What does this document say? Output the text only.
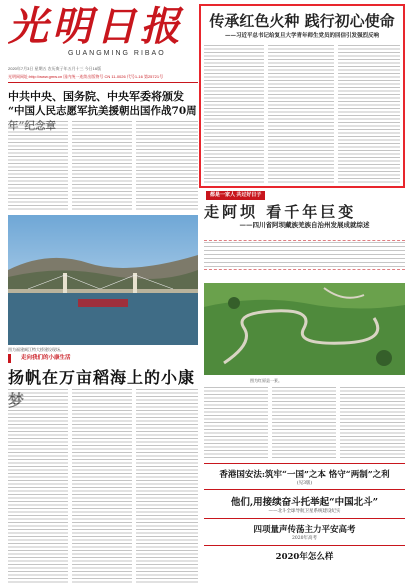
光明日报
GUANGMING RIBAO
2020年7月3日 星期五 农历庚子年五月十三 今日16版
光明网网址:http://www.gmw.cn 国内统一连续出版物号 CN 11-0026 代号1-16 第25721号
传承红色火种 践行初心使命
——习近平总书记给复旦大学青年师生党员的回信引发强烈反响
中共中央、国务院、中央军委将颁发
“中国人民志愿军抗美援朝出国作战70周
图为福建闽江特大桥建设现场。
都是一家人 共过好日子
走阿坝 看千年巨变
——四川省阿坝藏族羌族自治州发展成就综述
图为红原县一景。
走向我们的小康生活
扬帆在万亩稻海上的小康
香港国安法:筑牢“一国”之本 恪守“两制”之利
(见3版)
他们,用接续奋斗托举起“中国北斗”
——北斗全球导航卫星系统建设纪实
四项量声传荡主力平安高考
2020年高考
2020年怎么样
